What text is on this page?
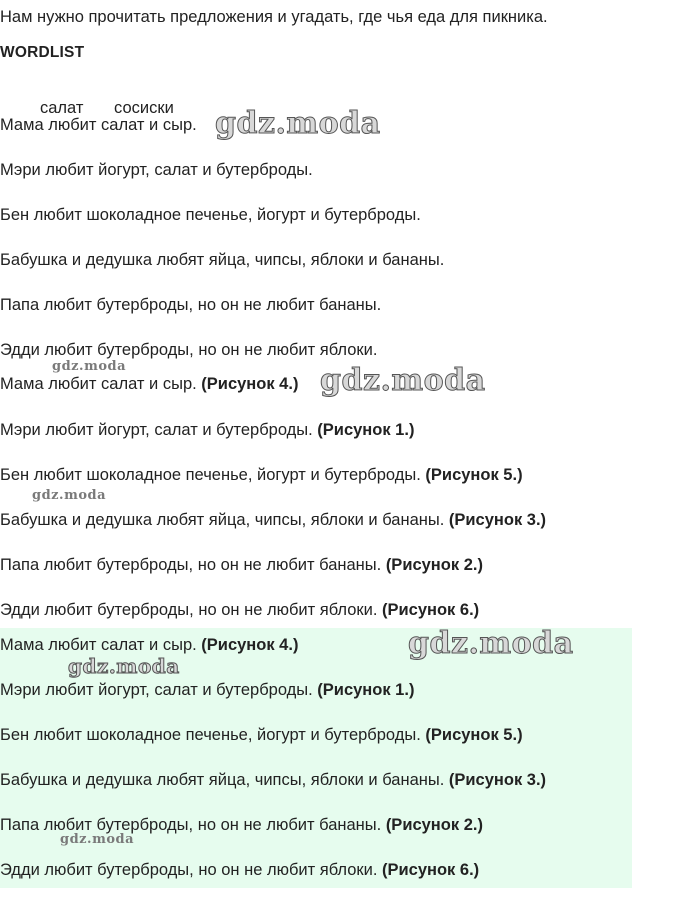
Нам нужно прочитать предложения и угадать, где чья еда для пикника.
WORDLIST
салат сосиски
Мама любит салат и сыр.
Мэри любит йогурт, салат и бутерброды.
Бен любит шоколадное печенье, йогурт и бутерброды.
Бабушка и дедушка любят яйца, чипсы, яблоки и бананы.
Папа любит бутерброды, но он не любит бананы.
Эдди любит бутерброды, но он не любит яблоки.
Мама любит салат и сыр. (Рисунок 4.)
Мэри любит йогурт, салат и бутерброды. (Рисунок 1.)
Бен любит шоколадное печенье, йогурт и бутерброды. (Рисунок 5.)
Бабушка и дедушка любят яйца, чипсы, яблоки и бананы. (Рисунок 3.)
Папа любит бутерброды, но он не любит бананы. (Рисунок 2.)
Эдди любит бутерброды, но он не любит яблоки. (Рисунок 6.)
Мама любит салат и сыр. (Рисунок 4.)
Мэри любит йогурт, салат и бутерброды. (Рисунок 1.)
Бен любит шоколадное печенье, йогурт и бутерброды. (Рисунок 5.)
Бабушка и дедушка любят яйца, чипсы, яблоки и бананы. (Рисунок 3.)
Папа любит бутерброды, но он не любит бананы. (Рисунок 2.)
Эдди любит бутерброды, но он не любит яблоки. (Рисунок 6.)
gdz.moda
gdz.moda	gdz.moda
gdz.moda
gdz.moda
gdz.moda
gdz.moda
